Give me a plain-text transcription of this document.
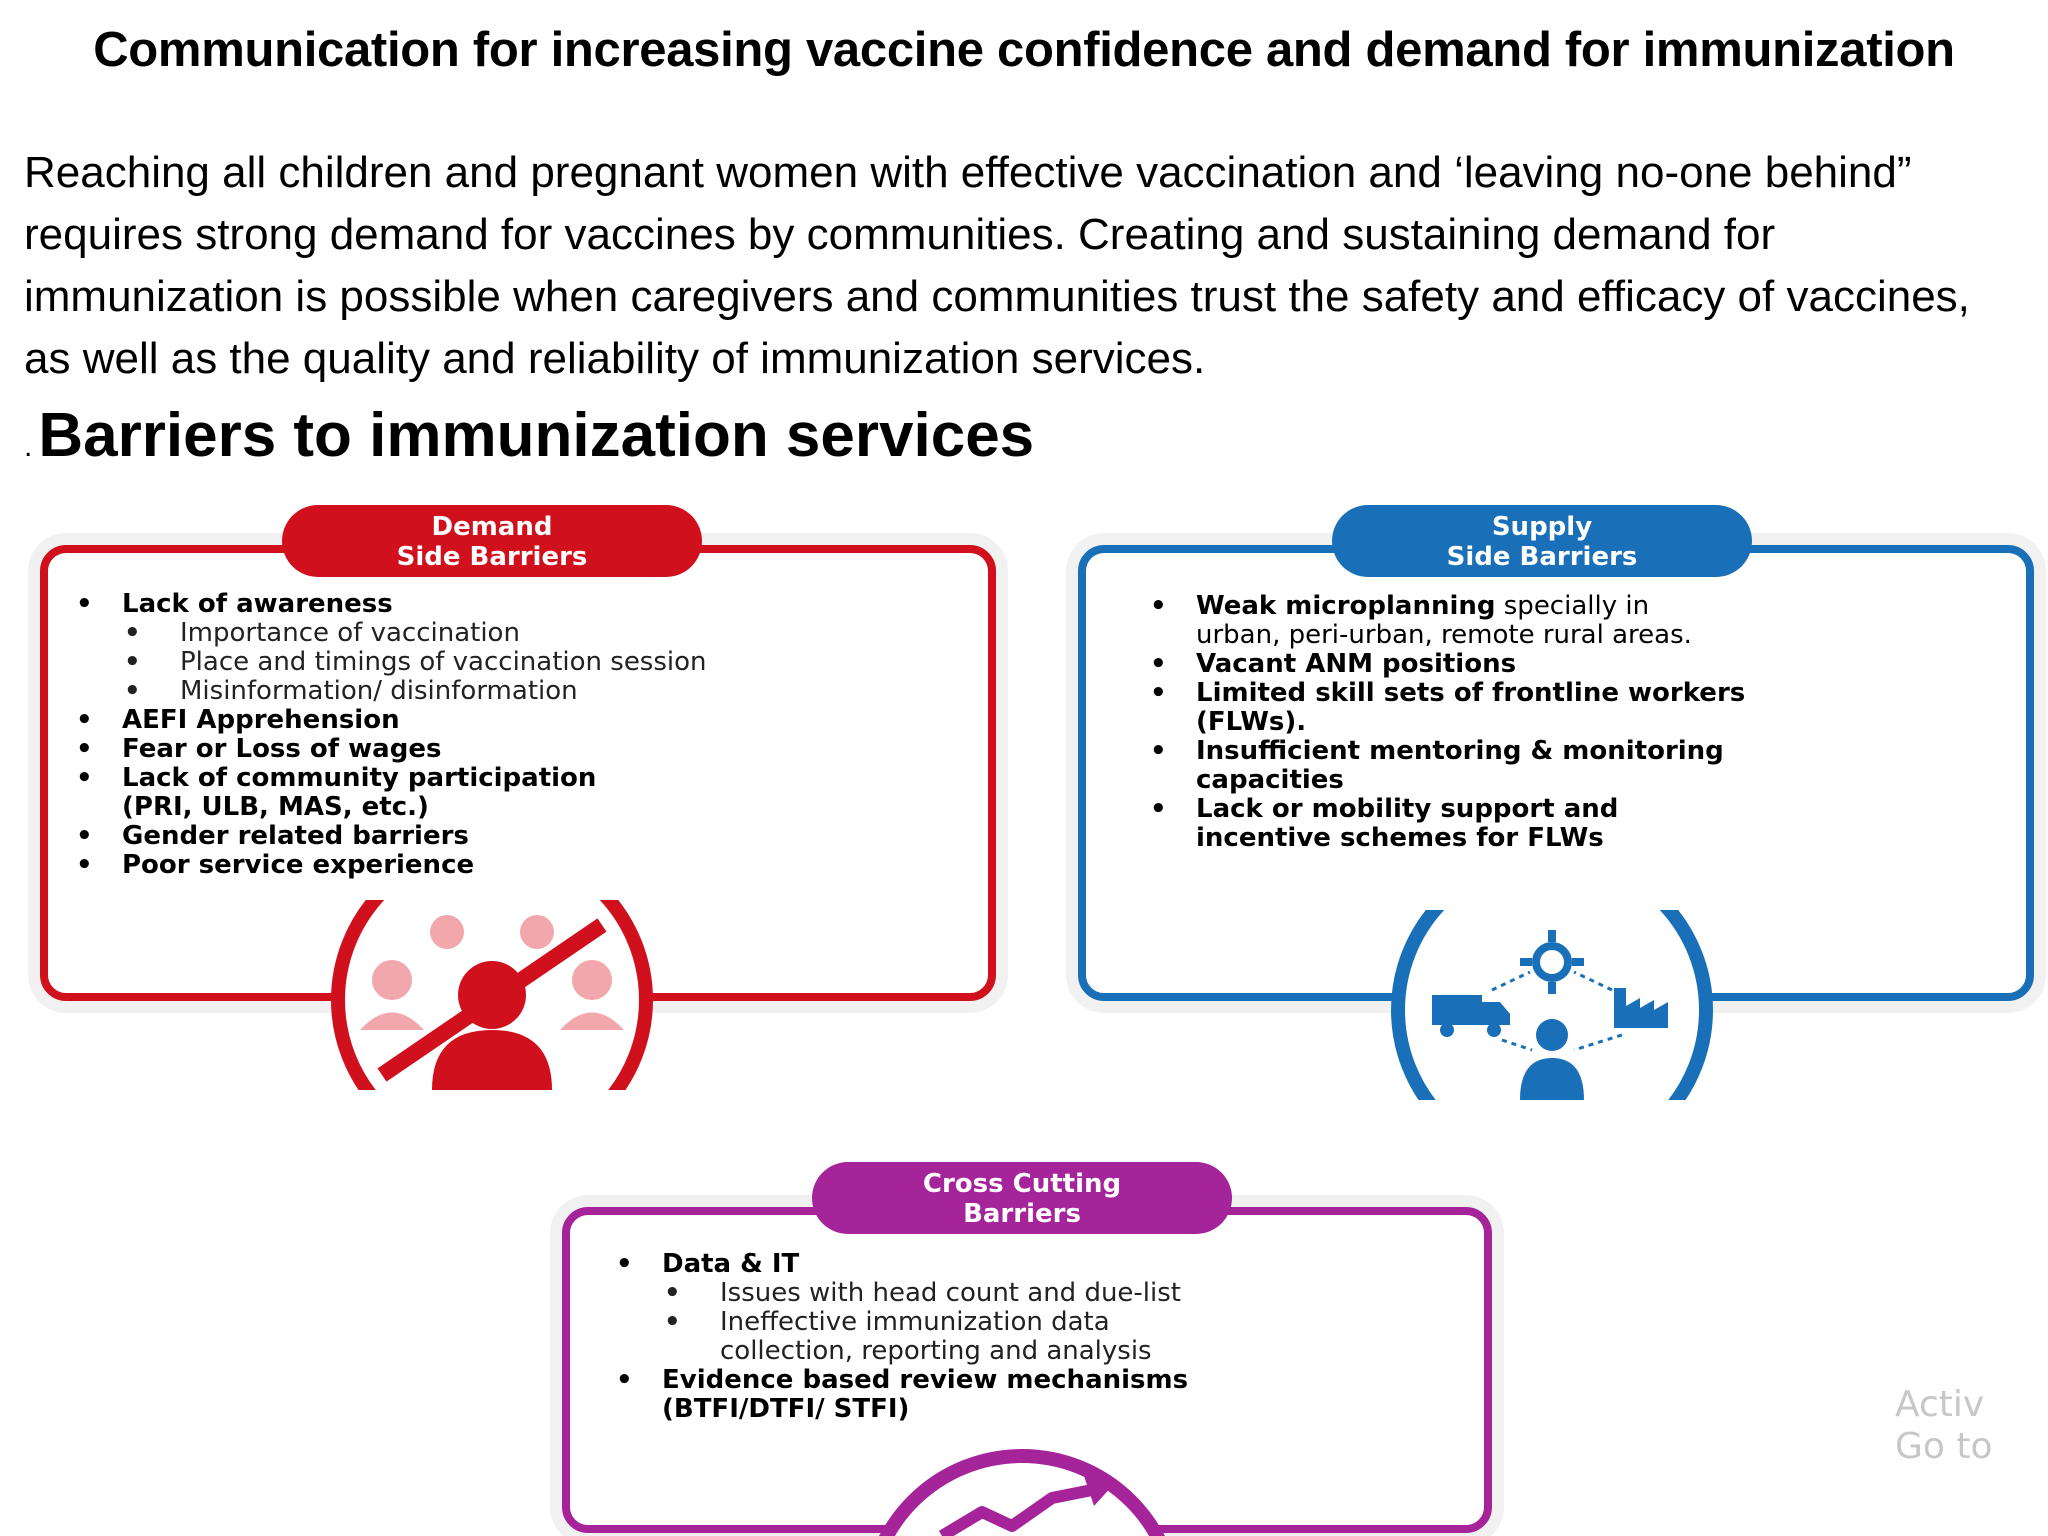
Communication for increasing vaccine confidence and demand for immunization
Reaching all children and pregnant women with effective vaccination and ‘leaving no-one behind” requires strong demand for vaccines by communities. Creating and sustaining demand for immunization is possible when caregivers and communities trust the safety and efficacy of vaccines, as well as the quality and reliability of immunization services.
.Barriers to immunization services
Demand
Side Barriers
• Lack of awareness
• Importance of vaccination
• Place and timings of vaccination session
• Misinformation/ disinformation
• AEFI Apprehension
• Fear or Loss of wages
• Lack of community participation
(PRI, ULB, MAS, etc.)
• Gender related barriers
• Poor service experience
Supply
Side Barriers
• Weak microplanning specially in
urban, peri-urban, remote rural areas.
• Vacant ANM positions
• Limited skill sets of frontline workers
(FLWs).
• Insufficient mentoring & monitoring
capacities
• Lack or mobility support and
incentive schemes for FLWs
Cross Cutting
Barriers
• Data & IT
• Issues with head count and due-list
• Ineffective immunization data
collection, reporting and analysis
• Evidence based review mechanisms
(BTFI/DTFI/ STFI)	Activ
Go to
